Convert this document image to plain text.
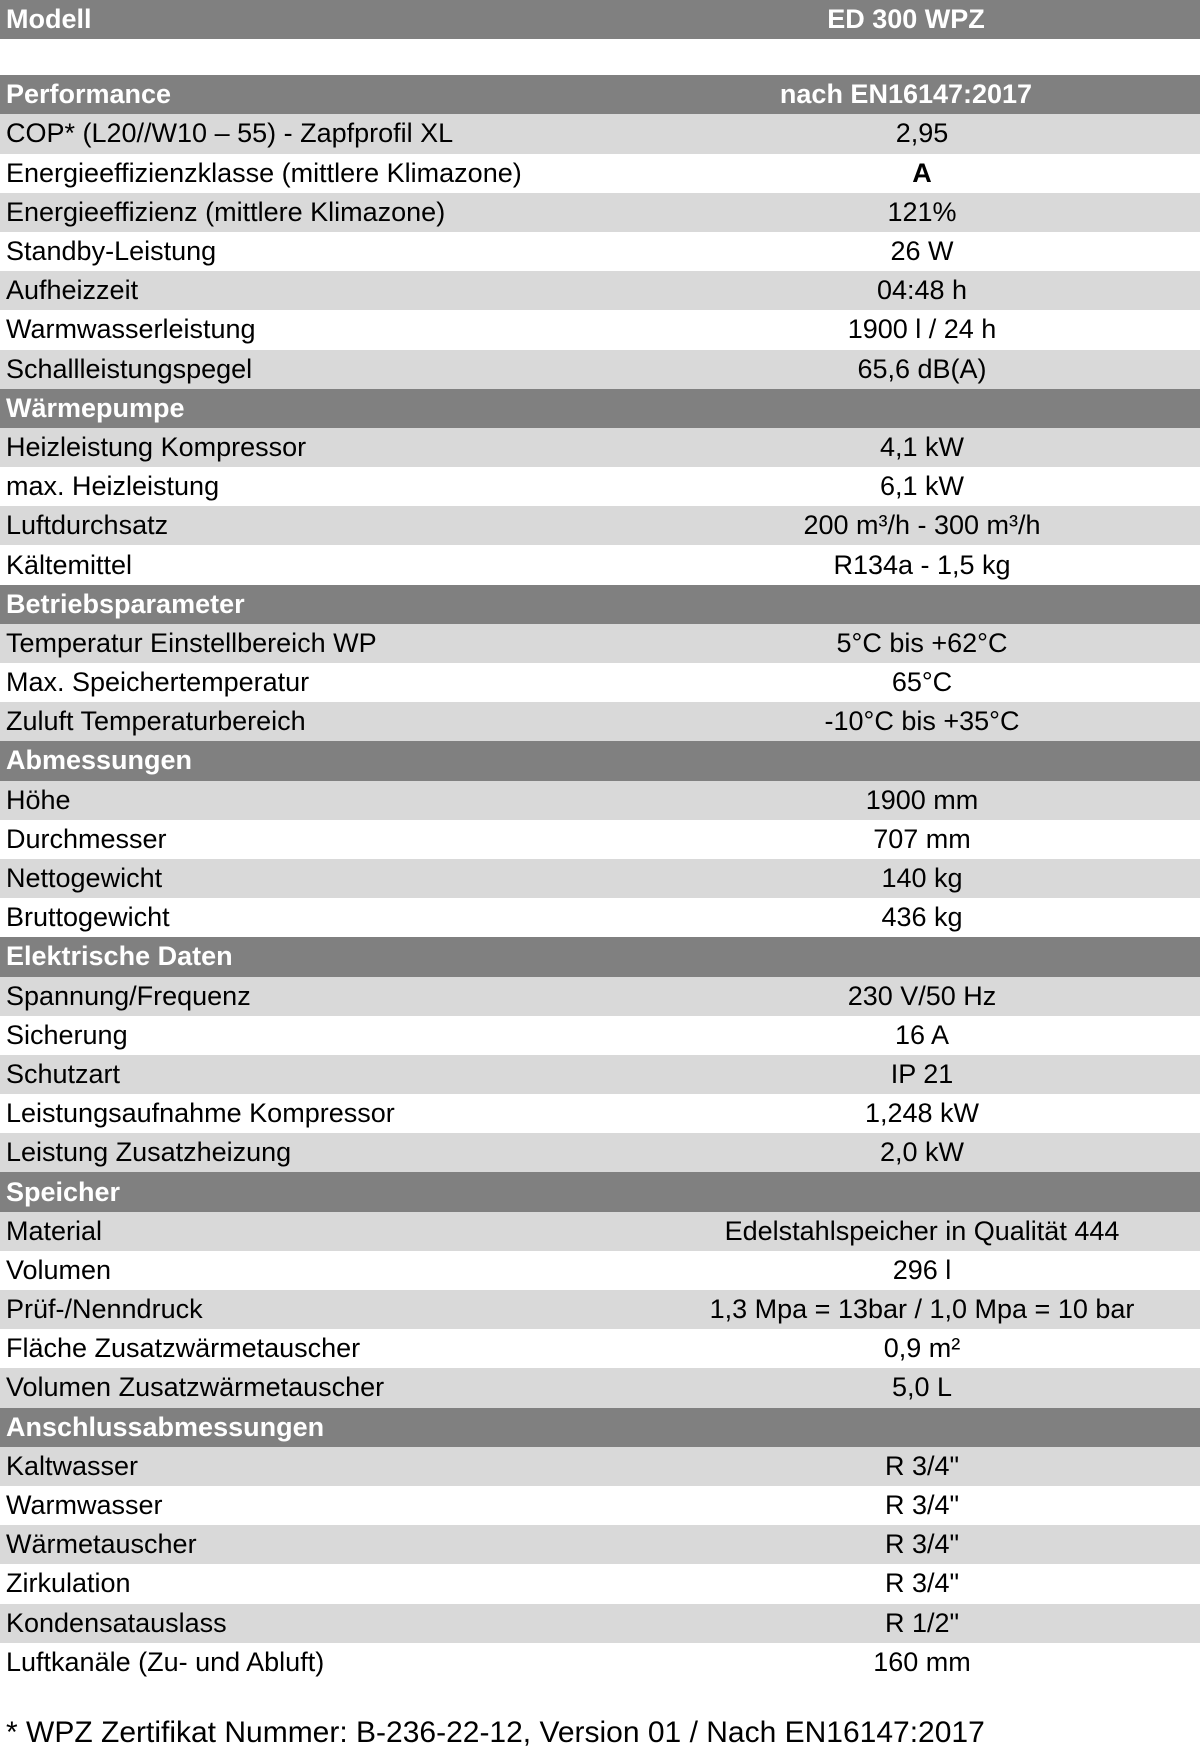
Modell	ED 300 WPZ
Performance	nach EN16147:2017
COP* (L20//W10 – 55) - Zapfprofil XL	2,95
Energieeffizienzklasse (mittlere Klimazone)	A
Energieeffizienz (mittlere Klimazone)	121%
Standby-Leistung	26 W
Aufheizzeit	04:48 h
Warmwasserleistung	1900 l / 24 h
Schallleistungspegel	65,6 dB(A)
Wärmepumpe
Heizleistung Kompressor	4,1 kW
max. Heizleistung	6,1 kW
Luftdurchsatz	200 m³/h - 300 m³/h
Kältemittel	R134a - 1,5 kg
Betriebsparameter
Temperatur Einstellbereich WP	5°C bis +62°C
Max. Speichertemperatur	65°C
Zuluft Temperaturbereich	-10°C bis +35°C
Abmessungen
Höhe	1900 mm
Durchmesser	707 mm
Nettogewicht	140 kg
Bruttogewicht	436 kg
Elektrische Daten
Spannung/Frequenz	230 V/50 Hz
Sicherung	16 A
Schutzart	IP 21
Leistungsaufnahme Kompressor	1,248 kW
Leistung Zusatzheizung	2,0 kW
Speicher
Material	Edelstahlspeicher in Qualität 444
Volumen	296 l
Prüf-/Nenndruck	1,3 Mpa = 13bar / 1,0 Mpa = 10 bar
Fläche Zusatzwärmetauscher	0,9 m²
Volumen Zusatzwärmetauscher	5,0 L
Anschlussabmessungen
Kaltwasser	R 3/4"
Warmwasser	R 3/4"
Wärmetauscher	R 3/4"
Zirkulation	R 3/4"
Kondensatauslass	R 1/2"
Luftkanäle (Zu- und Abluft)	160 mm
* WPZ Zertifikat Nummer: B-236-22-12, Version 01 / Nach EN16147:2017
